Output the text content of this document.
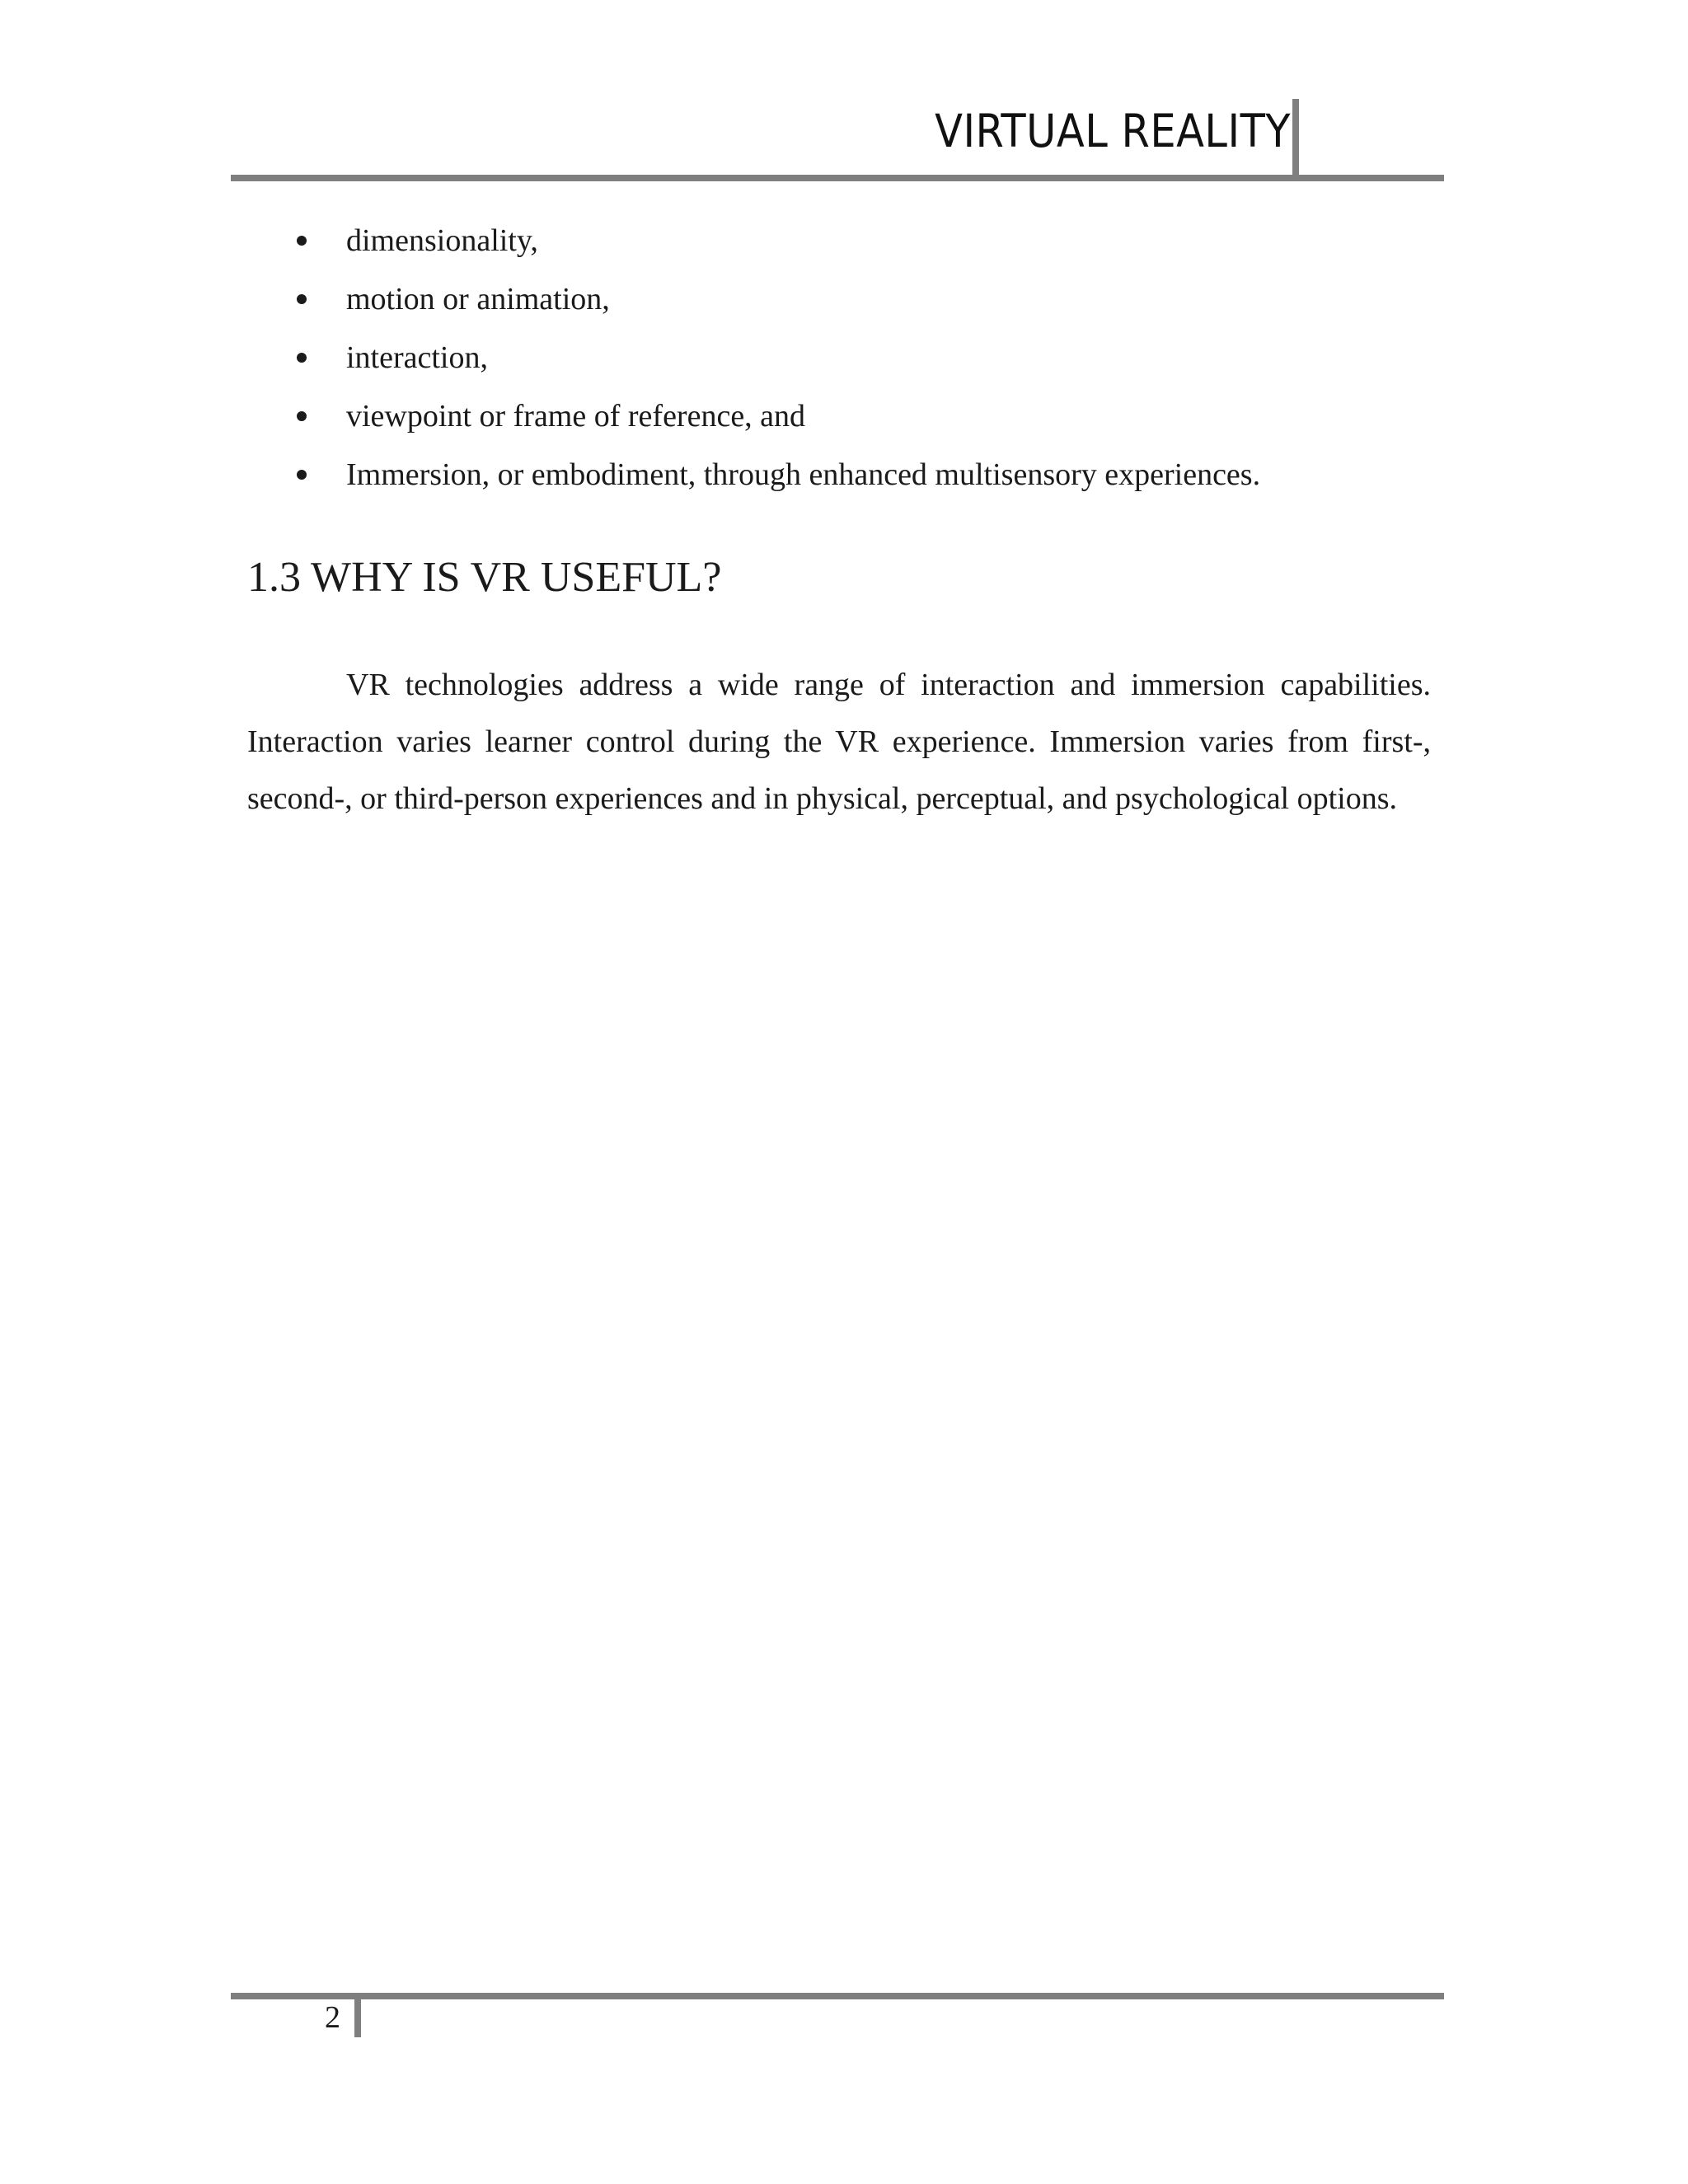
VIRTUAL REALITY
dimensionality,
motion or animation,
interaction,
viewpoint or frame of reference, and
Immersion, or embodiment, through enhanced multisensory experiences.
1.3 WHY IS VR USEFUL?

VR technologies address a wide range of interaction and immersion capabilities. Interaction varies learner control during the VR experience. Immersion varies from first-, second-, or third-person experiences and in physical, perceptual, and psychological options.

2
